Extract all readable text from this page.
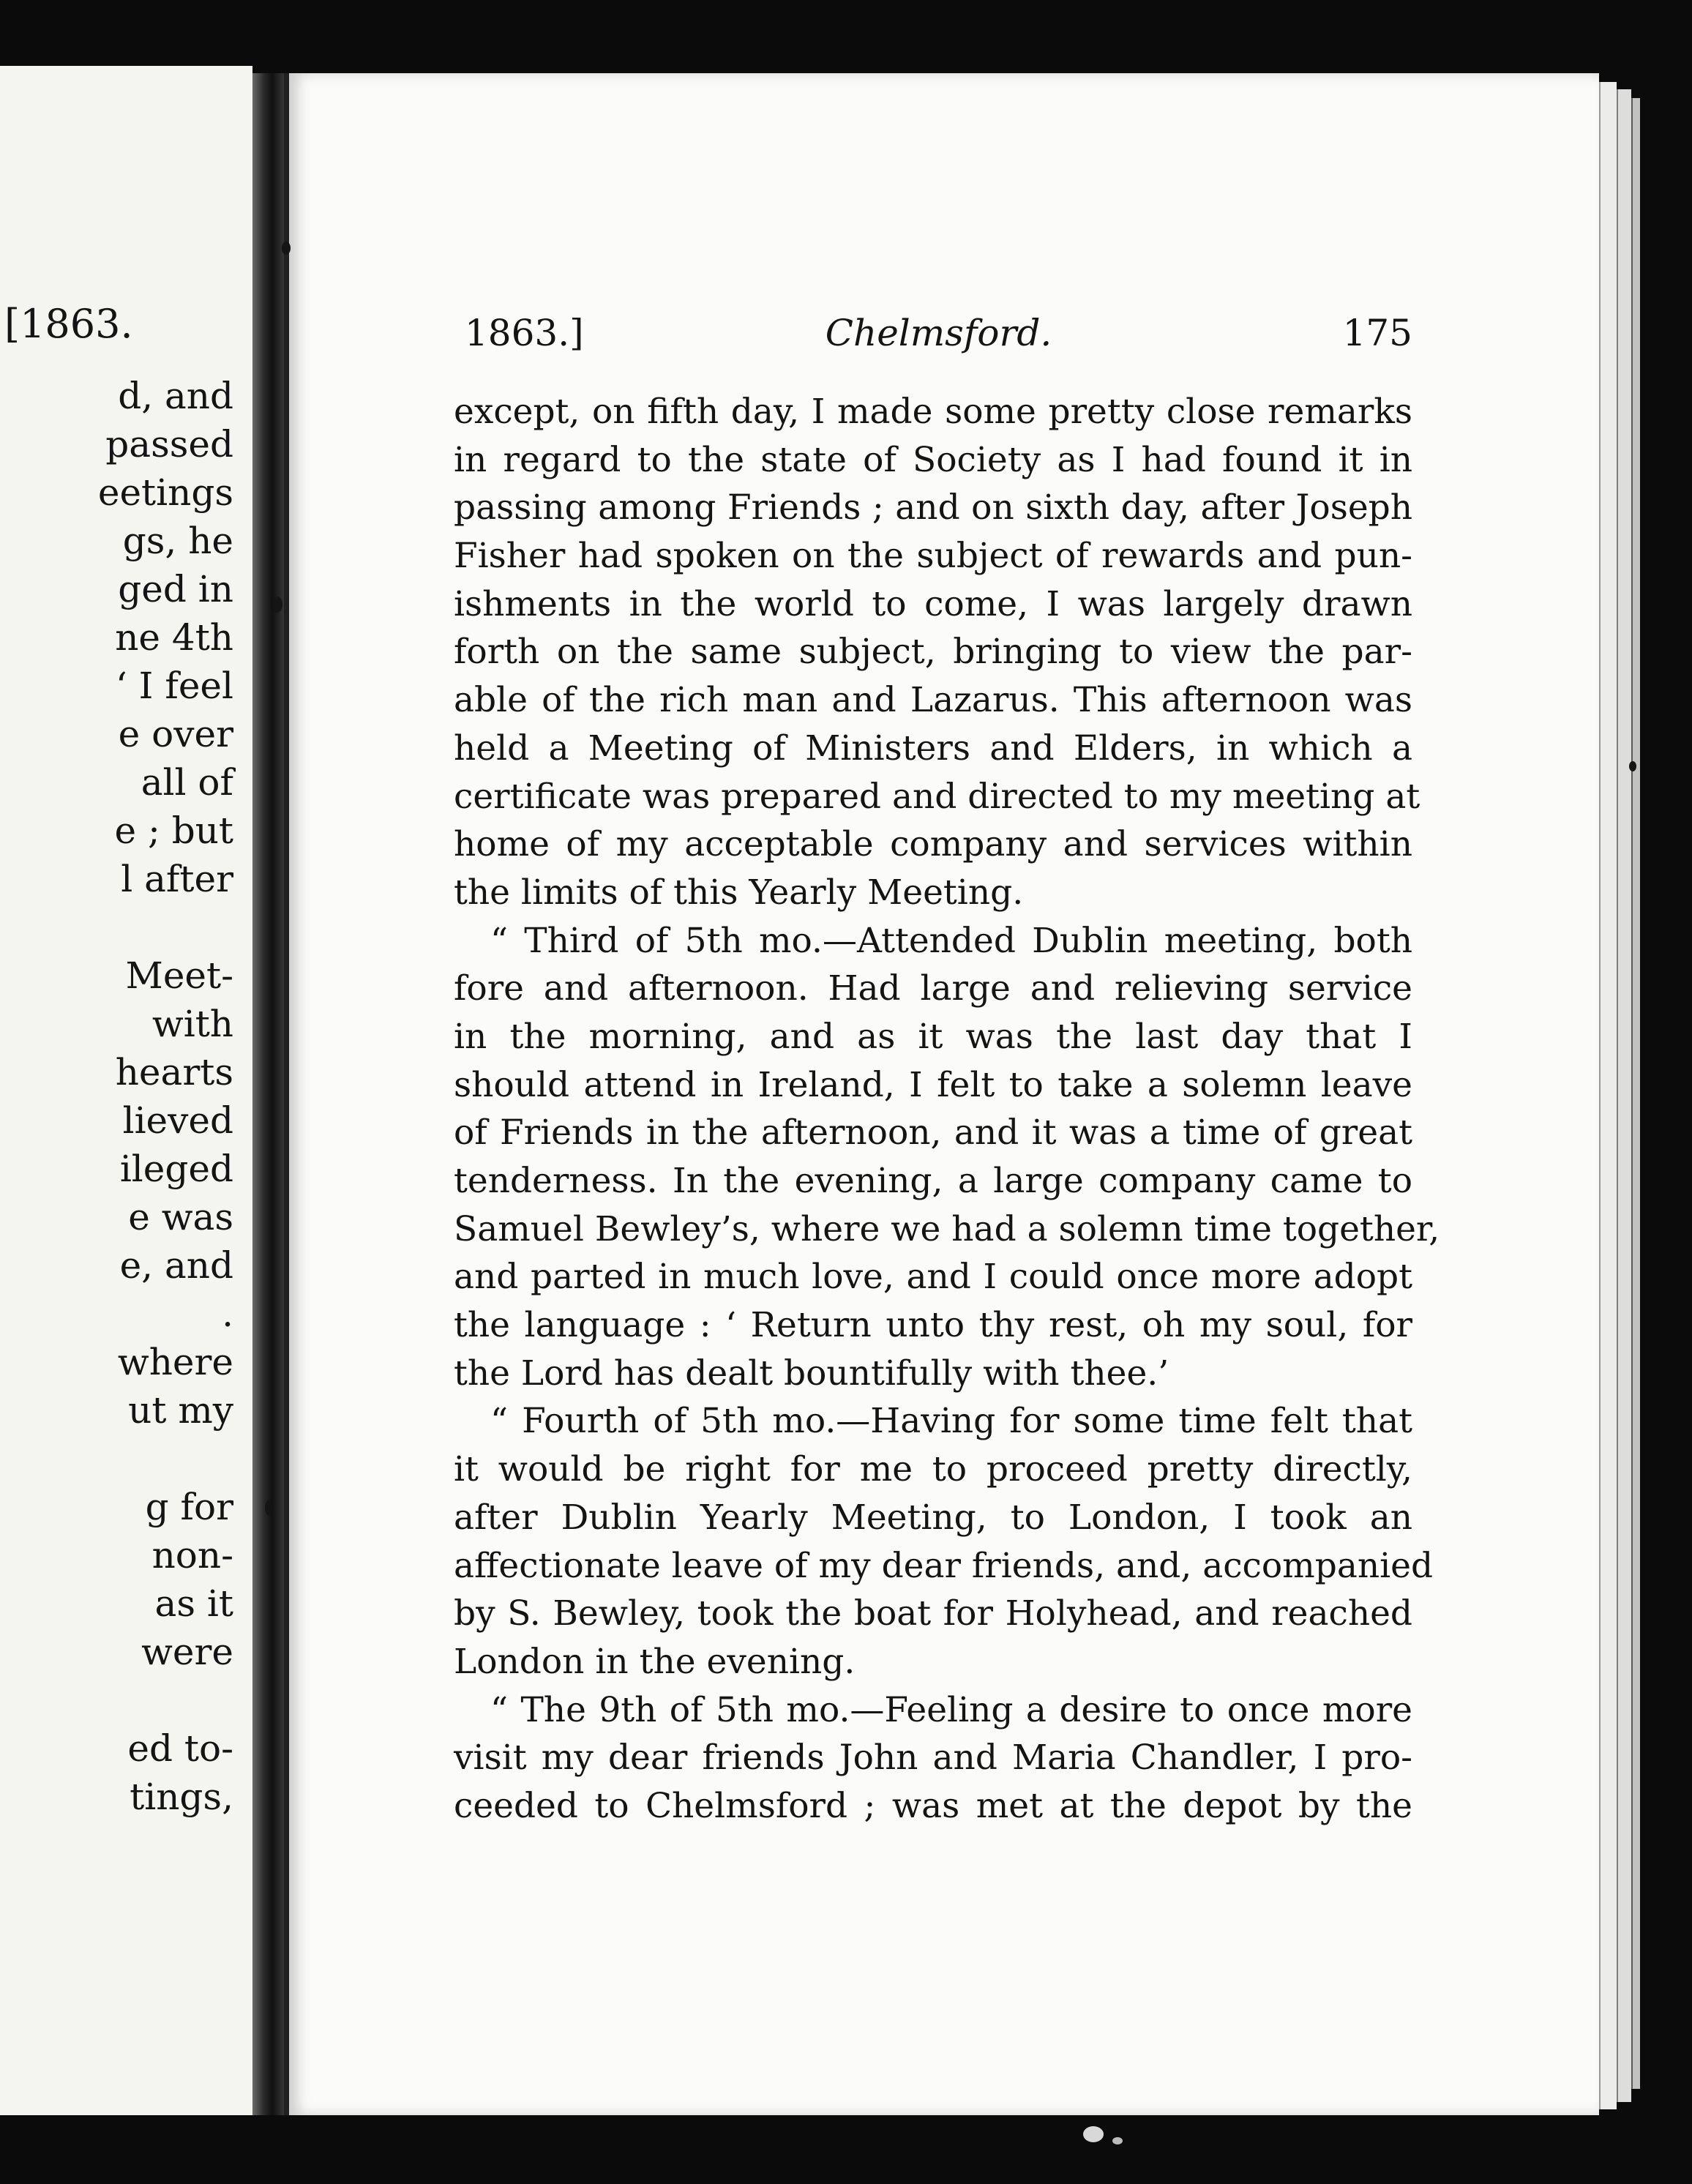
[1863.
d, and
passed
eetings
gs, he
ged in
ne 4th
‘ I feel
e over
all of
e ; but
l after
Meet-
with
hearts
lieved
ileged
e was
e, and
.
where
ut my
g for
non-
as it
were
ed to-
tings,
1863.]	Chelmsford.	175
except, on fifth day, I made some pretty close remarks
in regard to the state of Society as I had found it in
passing among Friends ; and on sixth day, after Joseph
Fisher had spoken on the subject of rewards and pun-
ishments in the world to come, I was largely drawn
forth on the same subject, bringing to view the par-
able of the rich man and Lazarus. This afternoon was
held a Meeting of Ministers and Elders, in which a
certificate was prepared and directed to my meeting at
home of my acceptable company and services within
the limits of this Yearly Meeting.
“ Third of 5th mo.—Attended Dublin meeting, both
fore and afternoon. Had large and relieving service
in the morning, and as it was the last day that I
should attend in Ireland, I felt to take a solemn leave
of Friends in the afternoon, and it was a time of great
tenderness. In the evening, a large company came to
Samuel Bewley’s, where we had a solemn time together,
and parted in much love, and I could once more adopt
the language : ‘ Return unto thy rest, oh my soul, for
the Lord has dealt bountifully with thee.’
“ Fourth of 5th mo.—Having for some time felt that
it would be right for me to proceed pretty directly,
after Dublin Yearly Meeting, to London, I took an
affectionate leave of my dear friends, and, accompanied
by S. Bewley, took the boat for Holyhead, and reached
London in the evening.
“ The 9th of 5th mo.—Feeling a desire to once more
visit my dear friends John and Maria Chandler, I pro-
ceeded to Chelmsford ; was met at the depot by the
